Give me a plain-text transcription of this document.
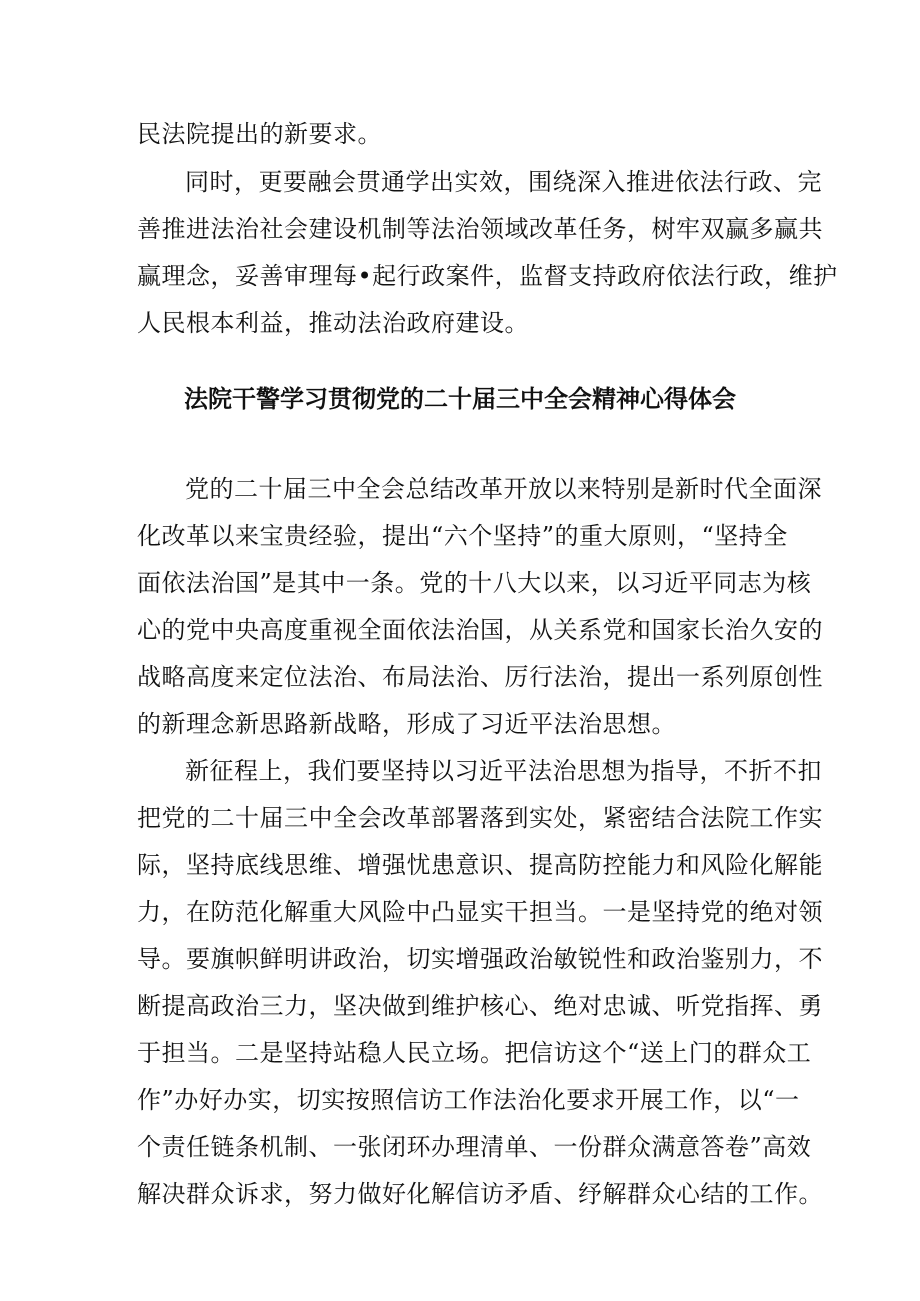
民法院提出的新要求。
同时，更要融会贯通学出实效，围绕深入推进依法行政、完
善推进法治社会建设机制等法治领域改革任务，树牢双赢多赢共
赢理念，妥善审理每•起行政案件，监督支持政府依法行政，维护
人民根本利益，推动法治政府建设。
法院干警学习贯彻党的二十届三中全会精神心得体会
党的二十届三中全会总结改革开放以来特别是新时代全面深
化改革以来宝贵经验，提出“六个坚持”的重大原则，“坚持全
面依法治国”是其中一条。党的十八大以来，以习近平同志为核
心的党中央高度重视全面依法治国，从关系党和国家长治久安的
战略高度来定位法治、布局法治、厉行法治，提出一系列原创性
的新理念新思路新战略，形成了习近平法治思想。
新征程上，我们要坚持以习近平法治思想为指导，不折不扣
把党的二十届三中全会改革部署落到实处，紧密结合法院工作实
际，坚持底线思维、增强忧患意识、提高防控能力和风险化解能
力，在防范化解重大风险中凸显实干担当。一是坚持党的绝对领
导。要旗帜鲜明讲政治，切实增强政治敏锐性和政治鉴别力，不
断提高政治三力，坚决做到维护核心、绝对忠诚、听党指挥、勇
于担当。二是坚持站稳人民立场。把信访这个“送上门的群众工
作”办好办实，切实按照信访工作法治化要求开展工作，以“一
个责任链条机制、一张闭环办理清单、一份群众满意答卷”高效
解决群众诉求，努力做好化解信访矛盾、纾解群众心结的工作。
